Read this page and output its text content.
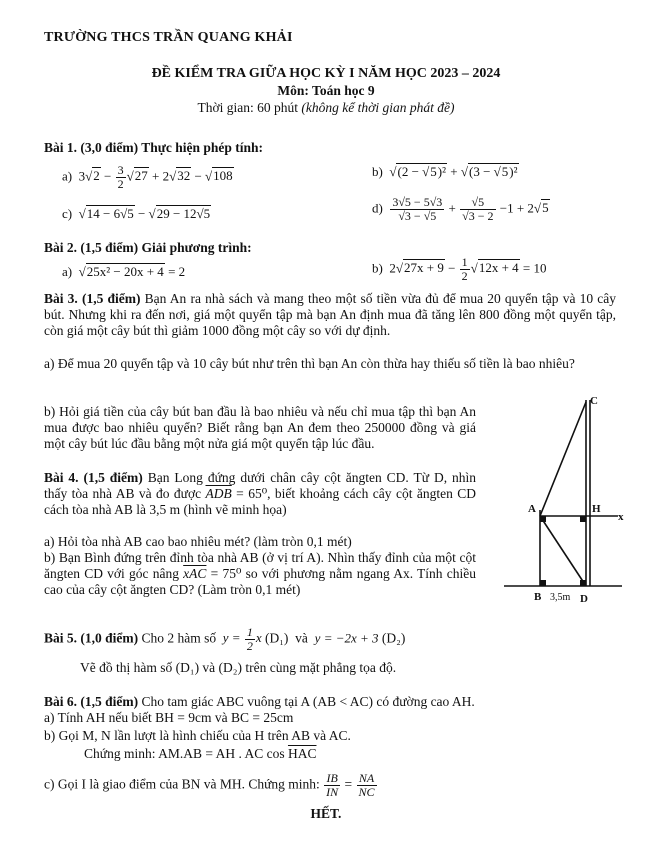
TRƯỜNG THCS TRẦN QUANG KHẢI
ĐỀ KIỂM TRA GIỮA HỌC KỲ I NĂM HỌC 2023 – 2024
Môn: Toán học 9
Thời gian: 60 phút (không kể thời gian phát đề)
Bài 1. (3,0 điểm) Thực hiện phép tính:
a)  $3√2 - \frac{3}{2} √27 + 2√32 - √108$	b)  √(2 − √5)² + √(3 − √5)²
c)  √14 − 6√5 − √29 − 12√5	$d) \frac{3√5 - 5√3}{√3 - √5} + \frac{√5}{√3 - 2} -1 + 2√5$
Bài 2. (1,5 điểm) Giải phương trình:
a)  √25x² − 20x + 4 = 2	b)  $2√27x + 9 - \frac{1}{2} √12x + 4 = 10$
Bài 3. (1,5 điểm) Bạn An ra nhà sách và mang theo một số tiền vừa đủ để mua 20 quyển tập và 10 cây bút. Nhưng khi ra đến nơi, giá một quyển tập mà bạn An định mua đã tăng lên 800 đồng một quyển tập, còn giá một cây bút thì giảm 1000 đồng một cây so với dự định.
a) Để mua 20 quyển tập và 10 cây bút như trên thì bạn An còn thừa hay thiếu số tiền là bao nhiêu?
b) Hỏi giá tiền của cây bút ban đầu là bao nhiêu và nếu chỉ mua tập thì bạn An mua được bao nhiêu quyển? Biết rằng bạn An đem theo 250000 đồng và giá một cây bút lúc đầu bằng một nửa giá một quyển tập lúc đầu.
Bài 4. (1,5 điểm) Bạn Long đứng dưới chân cây cột ăngten CD. Từ D, nhìn thấy tòa nhà AB và đo được $\overline{ADB} = 65^0$, biết khoảng cách cây cột ăngten CD cách tòa nhà AB là 3,5 m (hình vẽ minh họa)
a) Hỏi tòa nhà AB cao bao nhiêu mét? (làm tròn 0,1 mét)
b) Bạn Bình đứng trên đỉnh tòa nhà AB (ở vị trí A). Nhìn thấy đỉnh của một cột ăngten CD với góc nâng $\overline{xAC} = 75^0$ so với phương nằm ngang Ax. Tính chiều cao của cây cột ăngten CD? (Làm tròn 0,1 mét)
C
A	H
x
B 3,5m D
Bài 5. (1,0 điểm) Cho 2 hàm số  $y = \frac{1}{2}$ x (D₁) và y = −2x + 3 (D₂)
Vẽ đồ thị hàm số (D₁) và (D₂) trên cùng mặt phẳng tọa độ.
Bài 6. (1,5 điểm) Cho tam giác ABC vuông tại A (AB < AC) có đường cao AH.
a) Tính AH nếu biết BH = 9cm và BC = 25cm
b) Gọi M, N lần lượt là hình chiếu của H trên AB và AC.
Chứng minh: AM.AB = AH . AC $\cos \overline{HAC}$
c) Gọi I là giao điểm của BN và MH. Chứng minh: $\frac{IB}{IN} = \frac{NA}{NC}$
HẾT.
